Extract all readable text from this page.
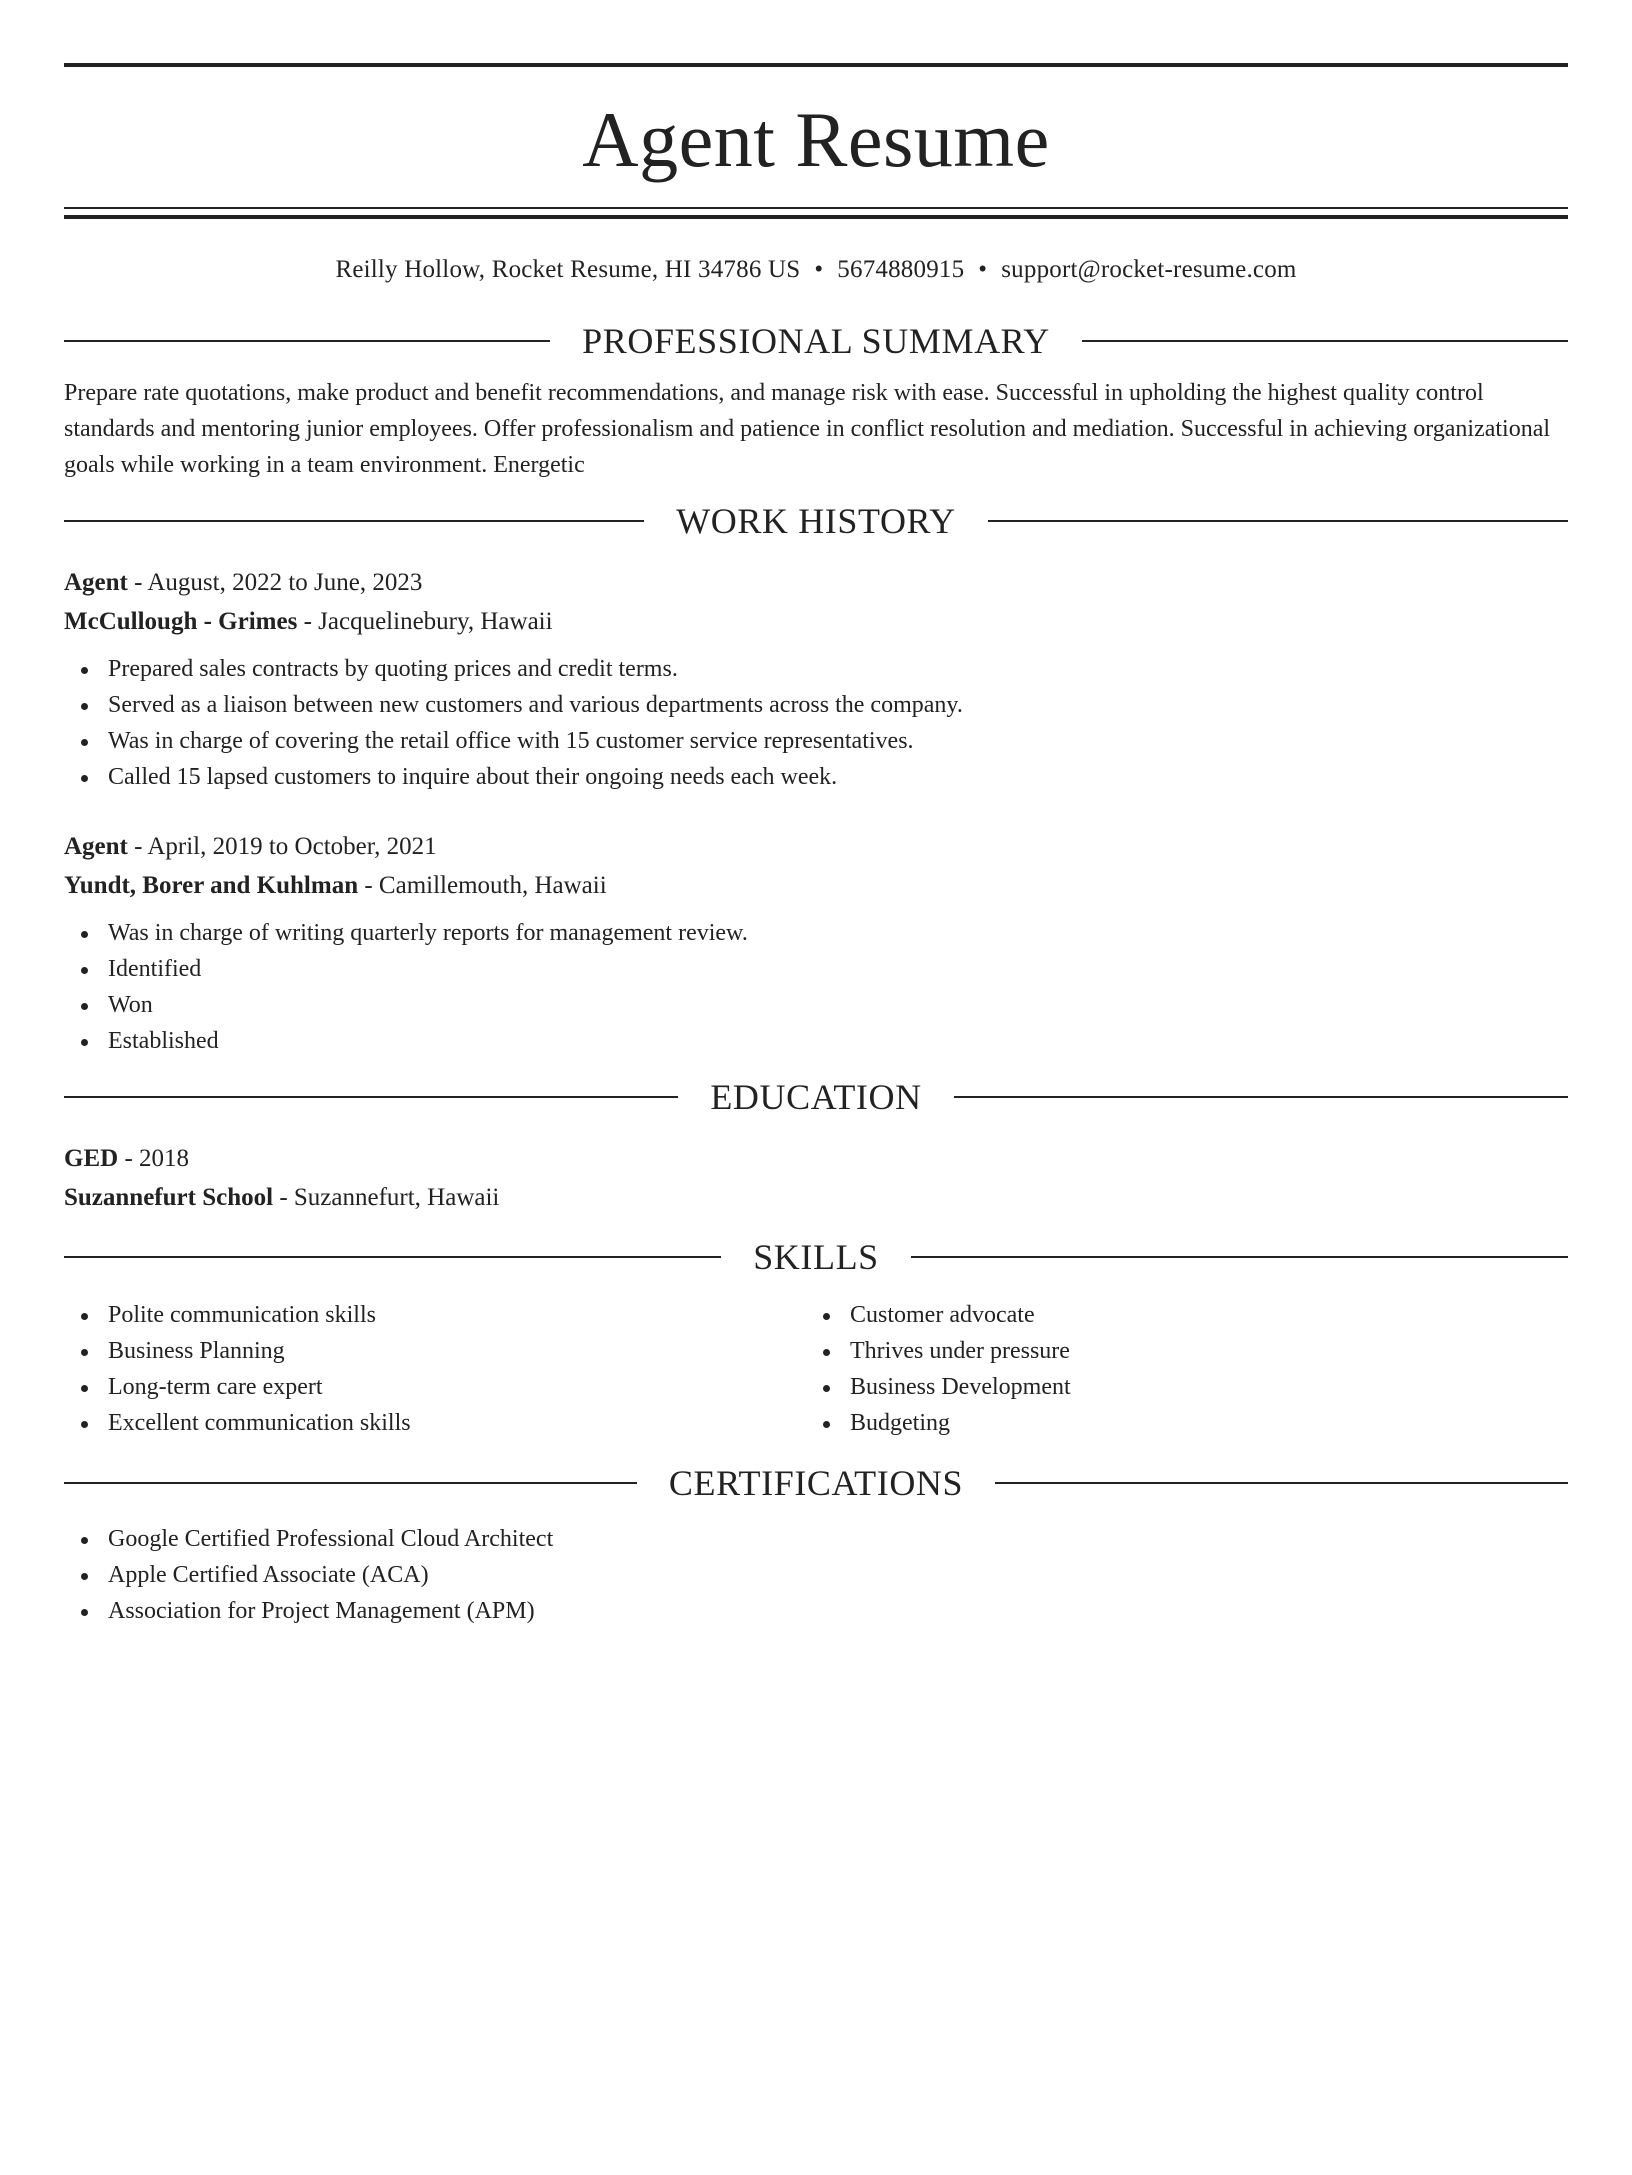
Agent Resume
Reilly Hollow, Rocket Resume, HI 34786 US • 5674880915 • support@rocket-resume.com
PROFESSIONAL SUMMARY
Prepare rate quotations, make product and benefit recommendations, and manage risk with ease. Successful in upholding the highest quality control standards and mentoring junior employees. Offer professionalism and patience in conflict resolution and mediation. Successful in achieving organizational goals while working in a team environment. Energetic
WORK HISTORY
Agent - August, 2022 to June, 2023
McCullough - Grimes - Jacquelinebury, Hawaii
Prepared sales contracts by quoting prices and credit terms.
Served as a liaison between new customers and various departments across the company.
Was in charge of covering the retail office with 15 customer service representatives.
Called 15 lapsed customers to inquire about their ongoing needs each week.
Agent - April, 2019 to October, 2021
Yundt, Borer and Kuhlman - Camillemouth, Hawaii
Was in charge of writing quarterly reports for management review.
Identified
Won
Established
EDUCATION
GED - 2018
Suzannefurt School - Suzannefurt, Hawaii
SKILLS
Polite communication skills
Business Planning
Long-term care expert
Excellent communication skills
Customer advocate
Thrives under pressure
Business Development
Budgeting
CERTIFICATIONS
Google Certified Professional Cloud Architect
Apple Certified Associate (ACA)
Association for Project Management (APM)
